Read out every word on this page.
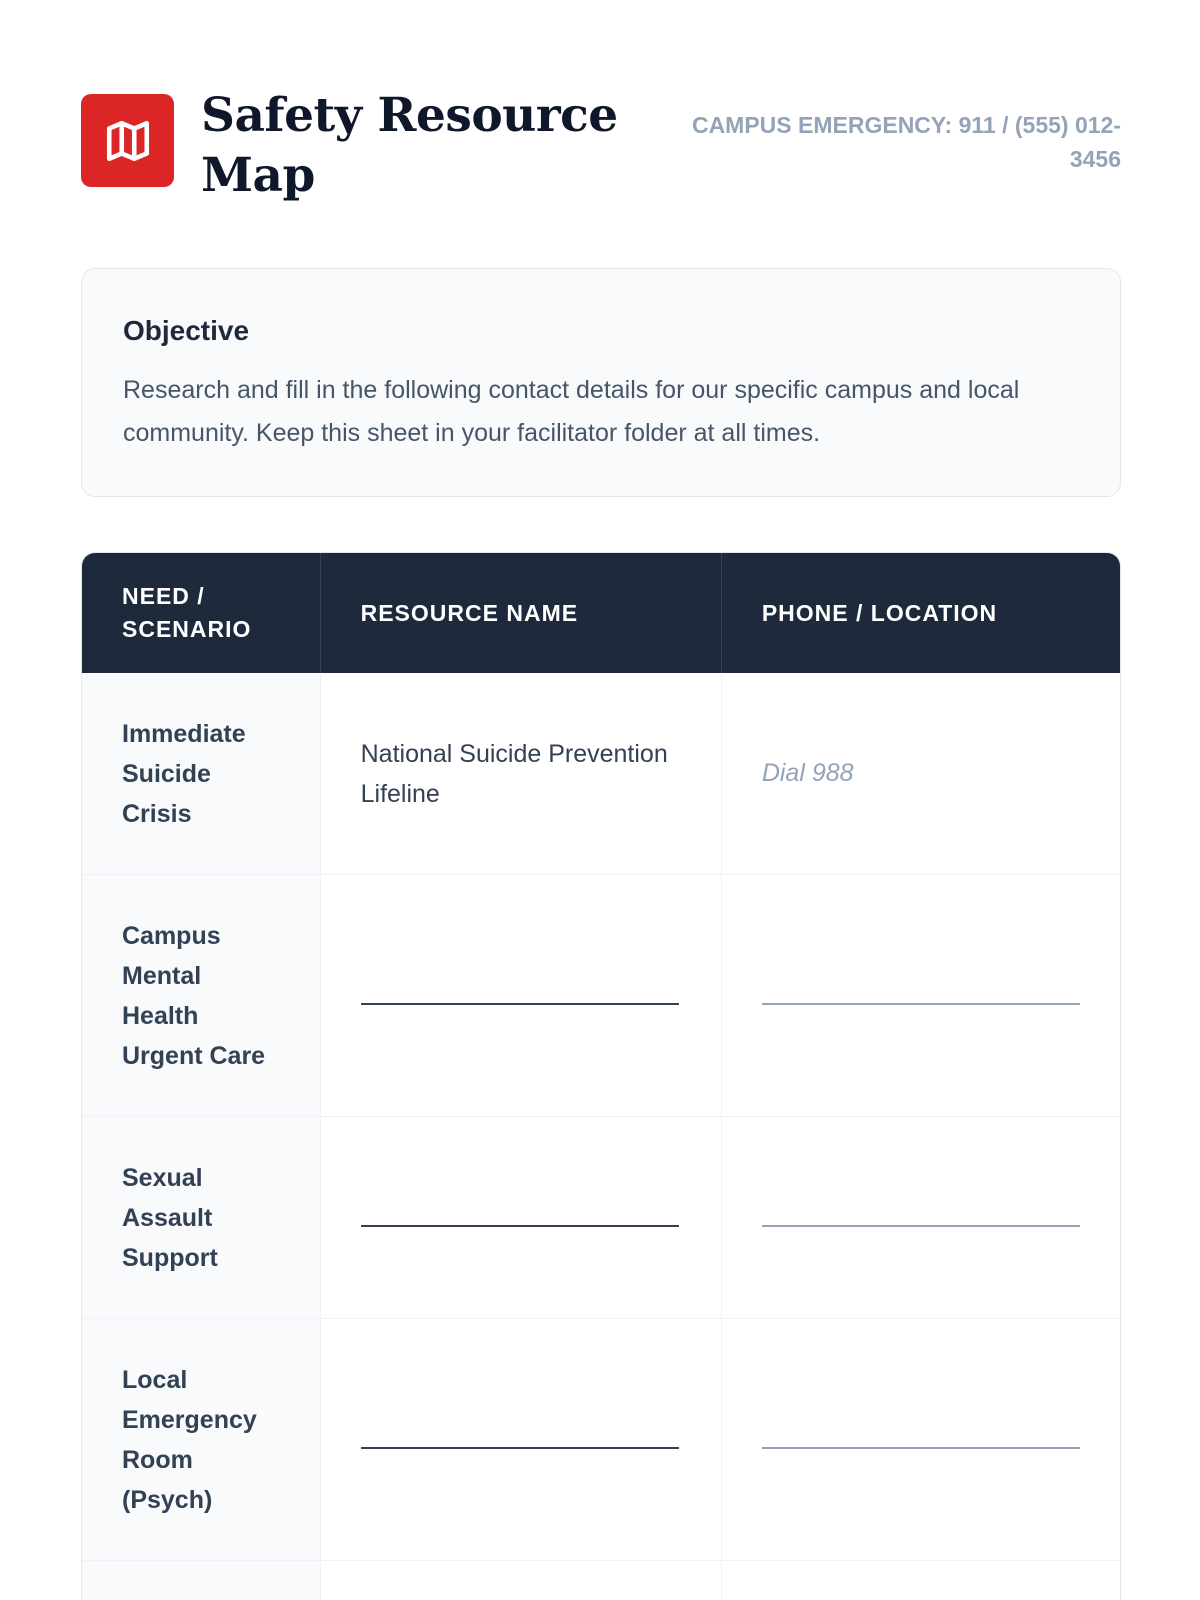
Safety Resource Map
CAMPUS EMERGENCY: 911 / (555) 012-3456
Objective

Research and fill in the following contact details for our specific campus and local community. Keep this sheet in your facilitator folder at all times.

NEED / SCENARIO
RESOURCE NAME	PHONE / LOCATION
Immediate Suicide Crisis
National Suicide Prevention Lifeline
Dial 988
Campus Mental Health Urgent Care
Sexual Assault Support
Local Emergency Room (Psych)
